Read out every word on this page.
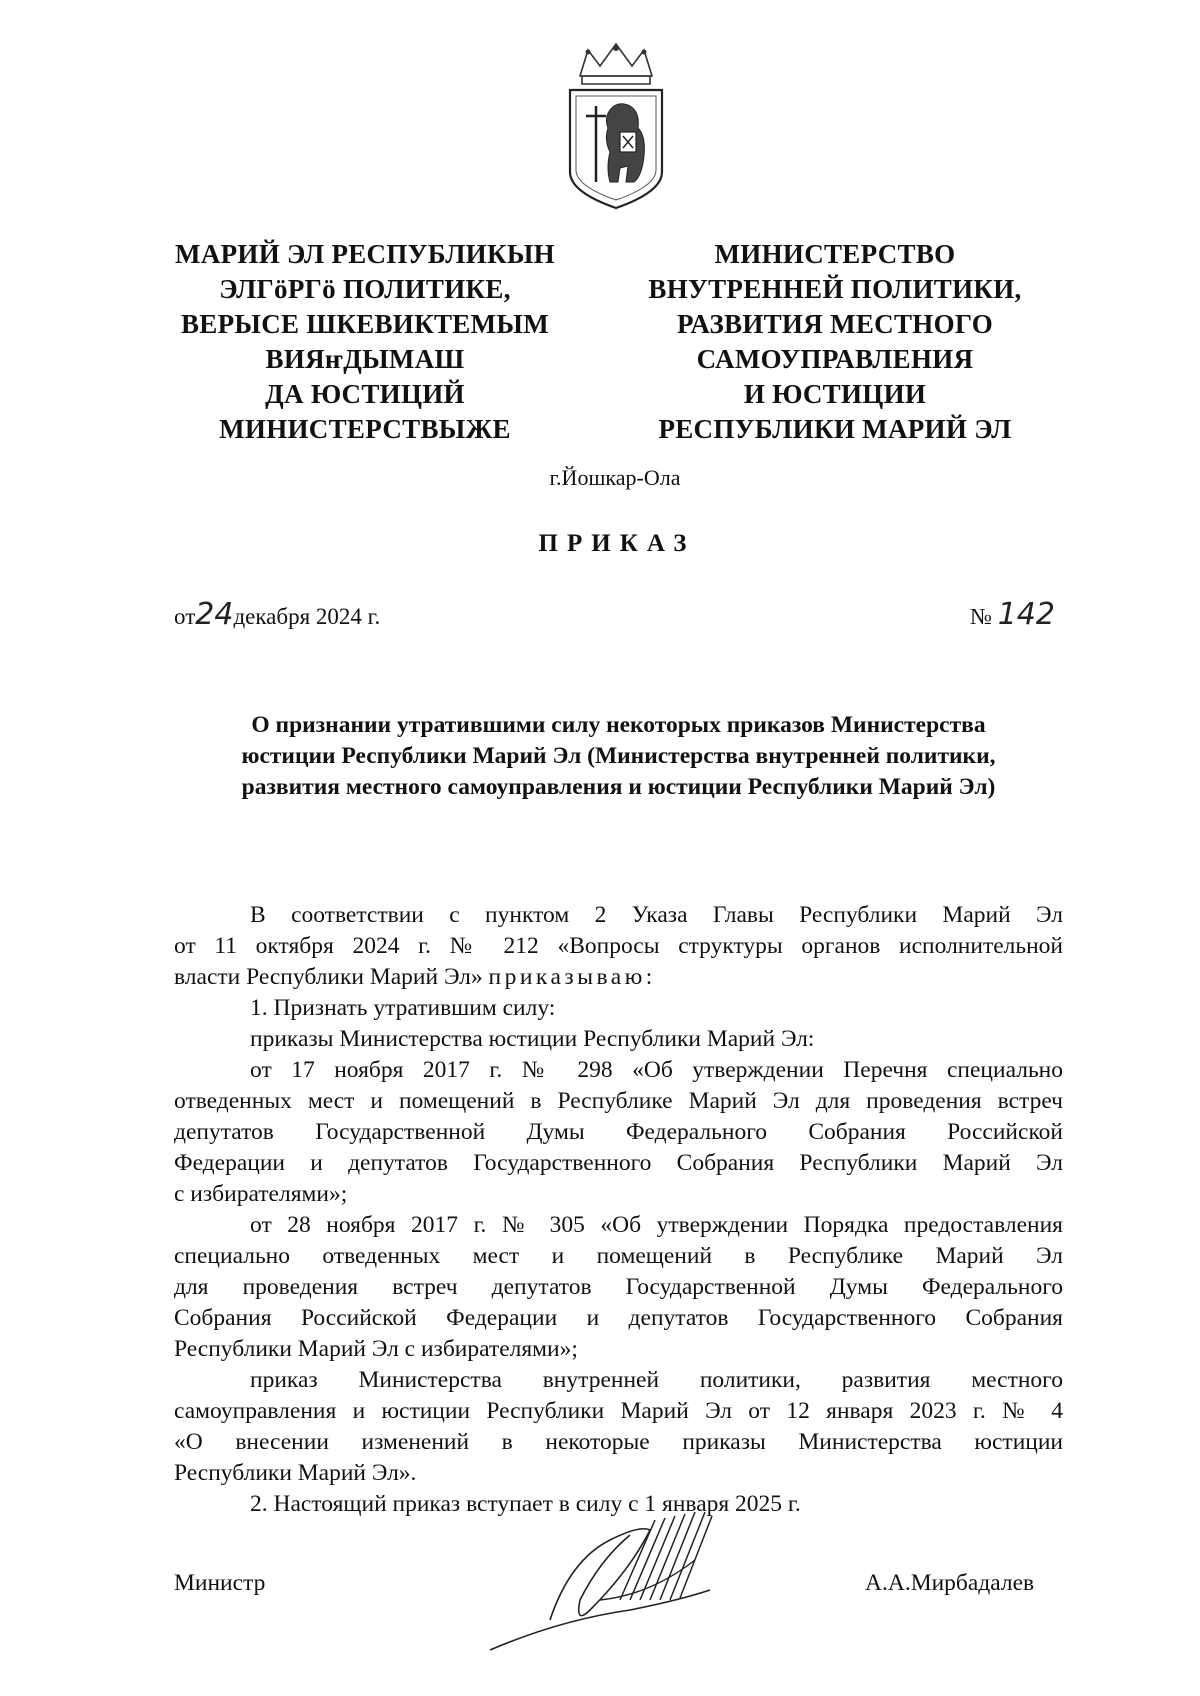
МАРИЙ ЭЛ РЕСПУБЛИКЫН
ЭЛГӧРГӧ ПОЛИТИКЕ,
ВЕРЫСЕ ШКЕВИКТЕМЫМ
ВИЯҥДЫМАШ
ДА ЮСТИЦИЙ
МИНИСТЕРСТВЫЖЕ
МИНИСТЕРСТВО
ВНУТРЕННЕЙ ПОЛИТИКИ,
РАЗВИТИЯ МЕСТНОГО
САМОУПРАВЛЕНИЯ
И ЮСТИЦИИ
РЕСПУБЛИКИ МАРИЙ ЭЛ
г.Йошкар-Ола
ПРИКАЗ
от24декабря 2024 г.	№ 142
О признании утратившими силу некоторых приказов Министерства
юстиции Республики Марий Эл (Министерства внутренней политики,
развития местного самоуправления и юстиции Республики Марий Эл)

В соответствии с пунктом 2 Указа Главы Республики Марий Эл

от 11 октября 2024 г. № 212 «Вопросы структуры органов исполнительной

власти Республики Марий Эл» приказываю:

1. Признать утратившим силу:

приказы Министерства юстиции Республики Марий Эл:

от 17 ноября 2017 г. № 298 «Об утверждении Перечня специально

отведенных мест и помещений в Республике Марий Эл для проведения встреч

депутатов Государственной Думы Федерального Собрания Российской

Федерации и депутатов Государственного Собрания Республики Марий Эл

с избирателями»;

от 28 ноября 2017 г. № 305 «Об утверждении Порядка предоставления

специально отведенных мест и помещений в Республике Марий Эл

для проведения встреч депутатов Государственной Думы Федерального

Собрания Российской Федерации и депутатов Государственного Собрания

Республики Марий Эл с избирателями»;

приказ Министерства внутренней политики, развития местного

самоуправления и юстиции Республики Марий Эл от 12 января 2023 г. № 4

«О внесении изменений в некоторые приказы Министерства юстиции

Республики Марий Эл».

2. Настоящий приказ вступает в силу с 1 января 2025 г.

Министр	А.А.Мирбадалев
